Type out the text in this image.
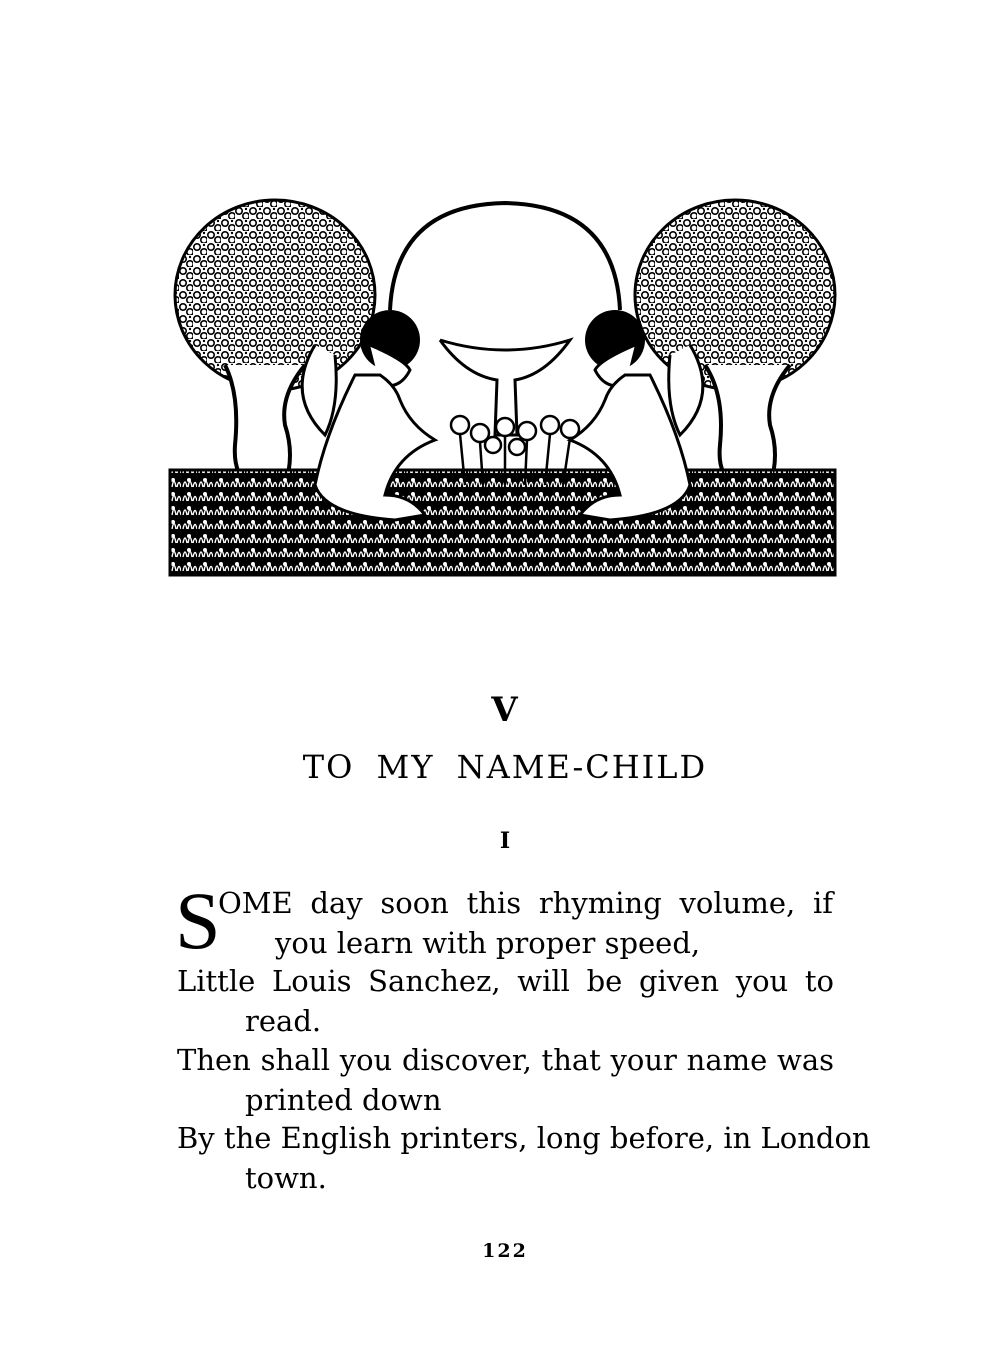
V
TO MY NAME-CHILD
I
S
OME day soon this rhyming volume, if
you learn with proper speed,
Little Louis Sanchez, will be given you to
read.
Then shall you discover, that your name was
printed down
By the English printers, long before, in London
town.
122
